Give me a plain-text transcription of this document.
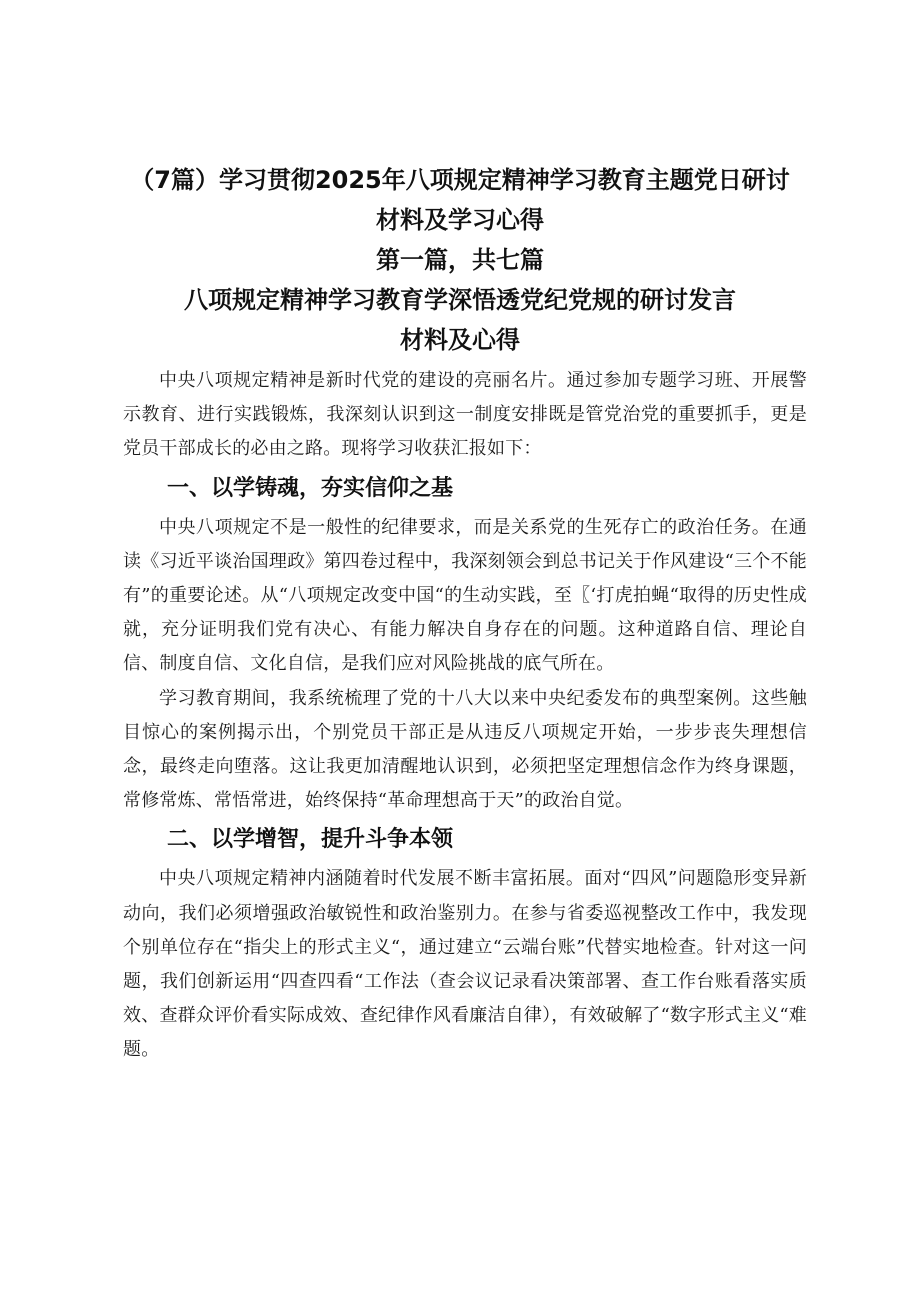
（7篇）学习贯彻2025年八项规定精神学习教育主题党日研讨
材料及学习心得
第一篇，共七篇
八项规定精神学习教育学深悟透党纪党规的研讨发言
材料及心得

中央八项规定精神是新时代党的建设的亮丽名片。通过参加专题学习班、开展警示教育、进行实践锻炼，我深刻认识到这一制度安排既是管党治党的重要抓手，更是党员干部成长的必由之路。现将学习收获汇报如下：

一、以学铸魂，夯实信仰之基

中央八项规定不是一般性的纪律要求，而是关系党的生死存亡的政治任务。在通读《习近平谈治国理政》第四卷过程中，我深刻领会到总书记关于作风建设“三个不能有”的重要论述。从“八项规定改变中国“的生动实践，至〖‘打虎拍蝇“取得的历史性成就，充分证明我们党有决心、有能力解决自身存在的问题。这种道路自信、理论自信、制度自信、文化自信，是我们应对风险挑战的底气所在。

学习教育期间，我系统梳理了党的十八大以来中央纪委发布的典型案例。这些触目惊心的案例揭示出，个别党员干部正是从违反八项规定开始，一步步丧失理想信念，最终走向堕落。这让我更加清醒地认识到，必须把坚定理想信念作为终身课题，常修常炼、常悟常进，始终保持“革命理想高于天”的政治自觉。

二、以学增智，提升斗争本领

中央八项规定精神内涵随着时代发展不断丰富拓展。面对“四风”问题隐形变异新动向，我们必须增强政治敏锐性和政治鉴别力。在参与省委巡视整改工作中，我发现个别单位存在“指尖上的形式主义“，通过建立“云端台账”代替实地检查。针对这一问题，我们创新运用“四查四看“工作法（查会议记录看决策部署、查工作台账看落实质效、查群众评价看实际成效、查纪律作风看廉洁自律），有效破解了“数字形式主义“难题。
